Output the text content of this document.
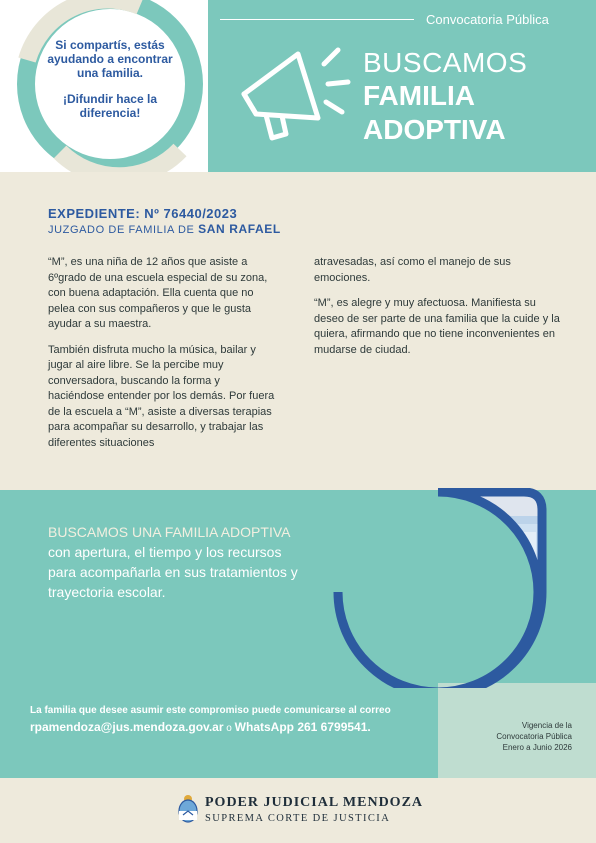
Si compartís, estás ayudando a encontrar una familia.

¡Difundir hace la diferencia!

Convocatoria Pública
BUSCAMOS
FAMILIA
ADOPTIVA
EXPEDIENTE: Nº 76440/2023
JUZGADO DE FAMILIA DE SAN RAFAEL

“M”, es una niña de 12 años que asiste a 6ºgrado de una escuela especial de su zona, con buena adaptación. Ella cuenta que no pelea con sus compañeros y que le gusta ayudar a su maestra.

También disfruta mucho la música, bailar y jugar al aire libre. Se la percibe muy conversadora, buscando la forma y haciéndose entender por los demás. Por fuera de la escuela a “M”, asiste a diversas terapias para acompañar su desarrollo, y trabajar las diferentes situaciones

atravesadas, así como el manejo de sus emociones.

“M”, es alegre y muy afectuosa. Manifiesta su deseo de ser parte de una familia que la cuide y la quiera, afirmando que no tiene inconvenientes en mudarse de ciudad.

BUSCAMOS UNA FAMILIA ADOPTIVA con apertura, el tiempo y los recursos para acompañarla en sus tratamientos y trayectoria escolar.
La familia que desee asumir este compromiso puede comunicarse al correo
rpamendoza@jus.mendoza.gov.ar o WhatsApp 261 6799541.	Vigencia de la
Convocatoria Pública
Enero a Junio 2026
PODER JUDICIAL MENDOZA
SUPREMA CORTE DE JUSTICIA
